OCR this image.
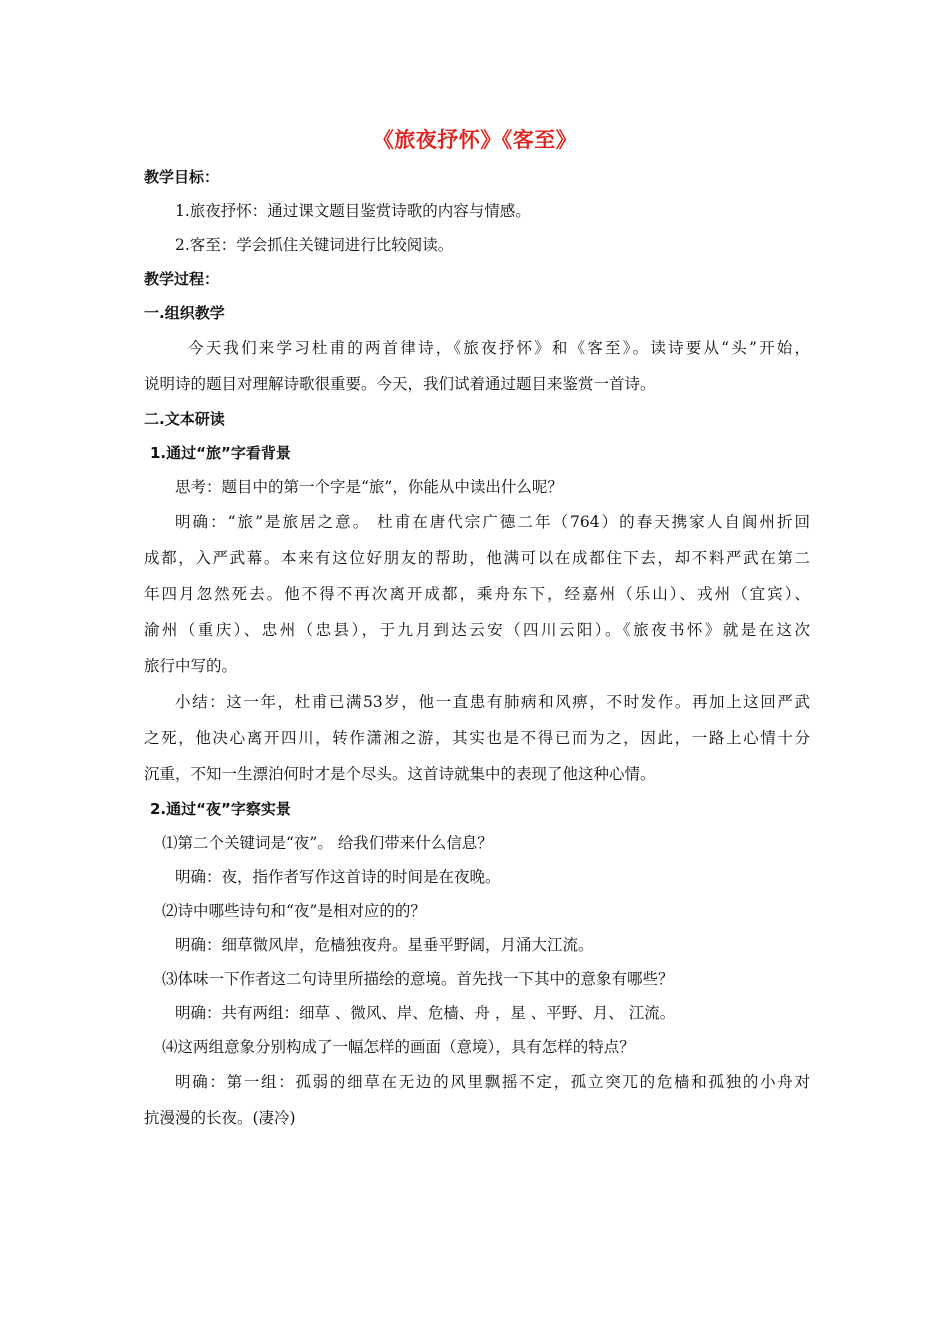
《旅夜抒怀》《客至》
教学目标：
1.旅夜抒怀：通过课文题目鉴赏诗歌的内容与情感。
2.客至：学会抓住关键词进行比较阅读。
教学过程：
一.组织教学
今天我们来学习杜甫的两首律诗，《旅夜抒怀》和《客至》。读诗要从“头”开始，
说明诗的题目对理解诗歌很重要。今天，我们试着通过题目来鉴赏一首诗。
二.文本研读
1.通过“旅”字看背景
思考：题目中的第一个字是“旅”，你能从中读出什么呢？
明确：“旅”是旅居之意。 杜甫在唐代宗广德二年（764）的春天携家人自阆州折回
成都，入严武幕。本来有这位好朋友的帮助，他满可以在成都住下去，却不料严武在第二
年四月忽然死去。他不得不再次离开成都，乘舟东下，经嘉州（乐山）、戎州（宜宾）、
渝州（重庆）、忠州（忠县），于九月到达云安（四川云阳）。《旅夜书怀》就是在这次
旅行中写的。
小结：这一年，杜甫已满53岁，他一直患有肺病和风痹，不时发作。再加上这回严武
之死，他决心离开四川，转作潇湘之游，其实也是不得已而为之，因此，一路上心情十分
沉重，不知一生漂泊何时才是个尽头。这首诗就集中的表现了他这种心情。
2.通过“夜”字察实景
⑴第二个关键词是“夜”。 给我们带来什么信息？
明确：夜，指作者写作这首诗的时间是在夜晚。
⑵诗中哪些诗句和“夜”是相对应的的？
明确：细草微风岸，危樯独夜舟。星垂平野阔，月涌大江流。
⑶体味一下作者这二句诗里所描绘的意境。首先找一下其中的意象有哪些？
明确：共有两组：细草 、微风、岸、危樯、舟 ，星 、平野、月、 江流。
⑷这两组意象分别构成了一幅怎样的画面（意境），具有怎样的特点？
明确：第一组：孤弱的细草在无边的风里飘摇不定，孤立突兀的危樯和孤独的小舟对
抗漫漫的长夜。(凄冷)
